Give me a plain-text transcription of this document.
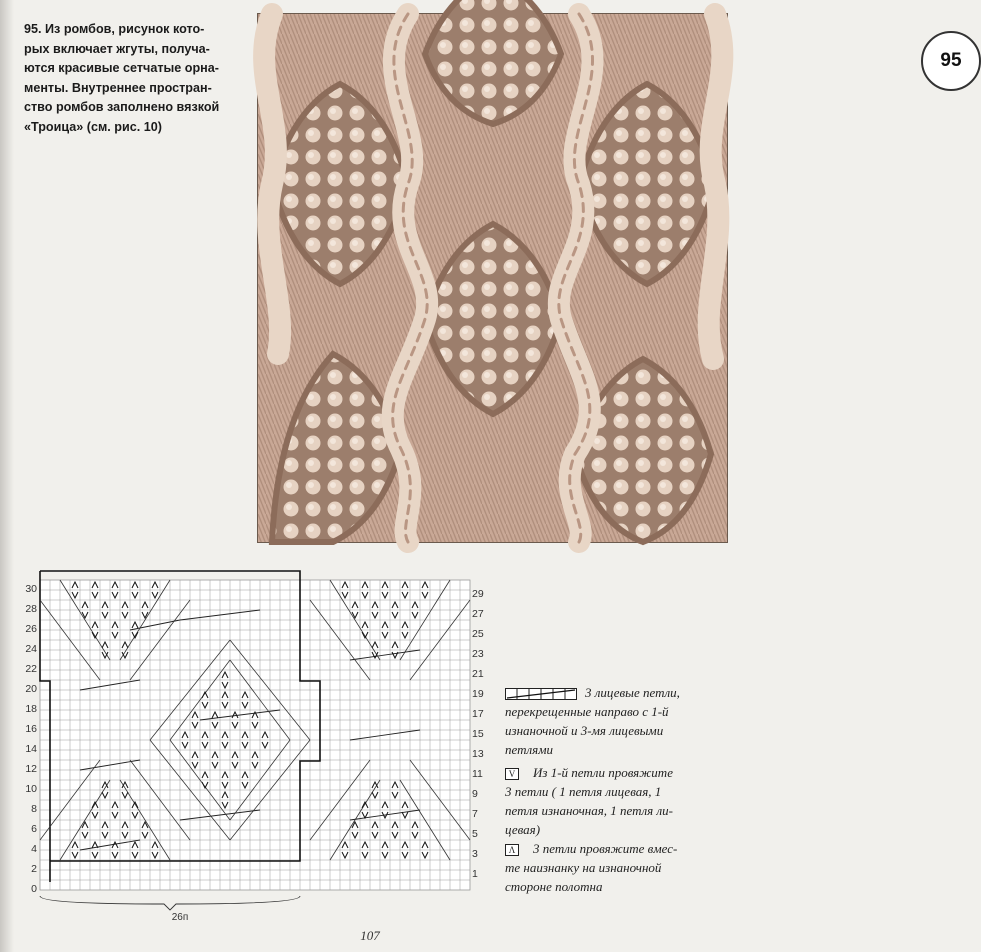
95. Из ромбов, рисунок кото-
рых включает жгуты, получа-
ются красивые сетчатые орна-
менты. Внутреннее простран-
ство ромбов заполнено вязкой
«Троица» (см. рис. 10)
95
30
28
26
24
22
20
18
16
14
12
10
8
6
4
2
0
29
27
25
23
21
19
17
15
13
11
9
7
5
3
1
26п
3 лицевые петли,
перекрещенные направо с 1-й
изнаночной и 3-мя лицевыми
петлями
V Из 1-й петли провяжите
3 петли ( 1 петля лицевая, 1
петля изнаночная, 1 петля ли-
цевая)
Λ 3 петли провяжите вмес-
те наизнанку на изнаночной
стороне полотна
107
